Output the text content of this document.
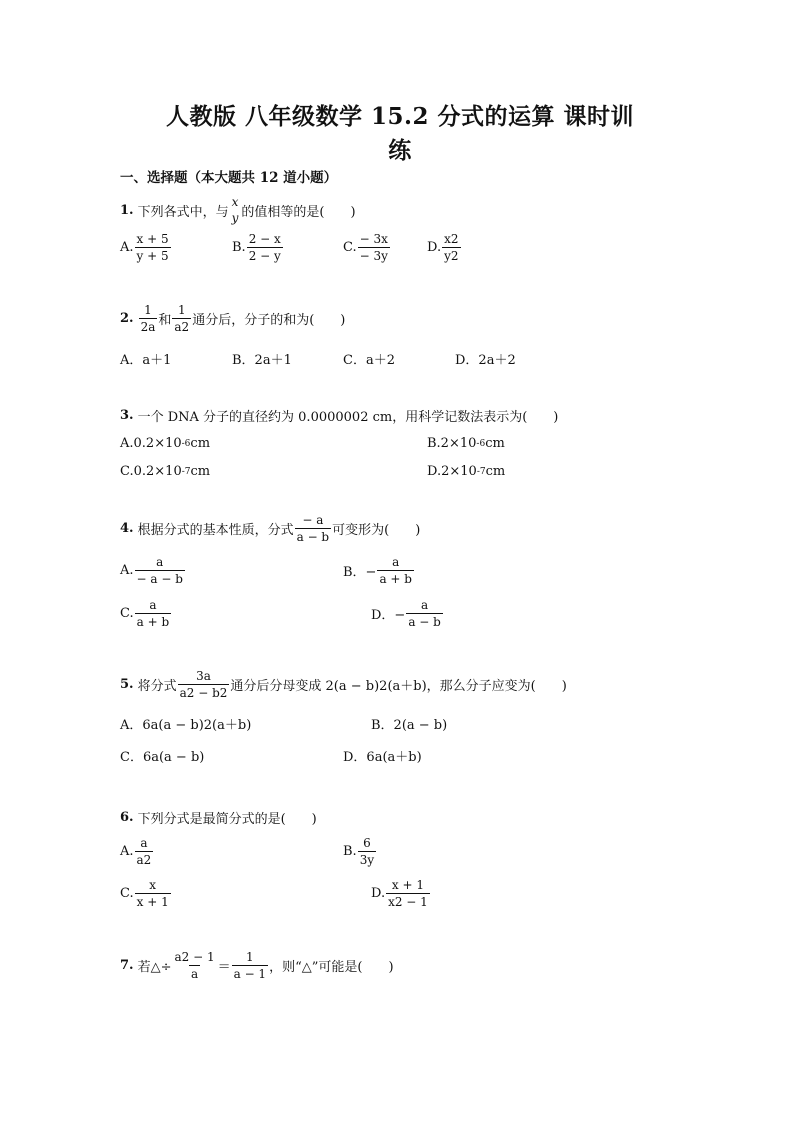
人教版 八年级数学 15.2 分式的运算 课时训
练
一、选择题（本大题共 12 道小题）
1. 下列各式中，与
x
y 的值相等的是(　　)
A. $\frac{x + 5}{y + 5}$	B. $\frac{2 - x}{2 - y}$	C. $\frac{- 3x}{- 3y}$	D. $\frac{x2}{y2}$
2. $\frac{1}{2a}$ 和 $\frac{1}{a2}$ 通分后，分子的和为(　　)
A．a＋1	B．2a＋1	C．a＋2	D．2a＋2
3. 一个 DNA 分子的直径约为 0.0000002 cm，用科学记数法表示为(　　)
A.0.2×10 -6 cm	B.2×10 -6 cm
C.0.2×10 -7 cm	D.2×10 -7 cm
4. 根据分式的基本性质，分式 $\frac{- a}{a - b}$ 可变形为(　　)
A. $\frac{a}{- a - b}$	B．− $\frac{a}{a + b}$
C. $\frac{a}{a + b}$	D．− $\frac{a}{a - b}$
5. 将分式 $\frac{3a}{a2 - b2}$ 通分后分母变成 2(a − b)2(a＋b)，那么分子应变为(　　)
A．6a(a − b)2(a＋b)	B．2(a − b)
C．6a(a − b)	D．6a(a＋b)
6. 下列分式是最简分式的是(　　)
A. $\frac{a}{a2}$	B. $\frac{6}{3y}$
C. $\frac{x}{x + 1}$	D. $\frac{x + 1}{x2 - 1}$
7. 若△÷ $\frac{a2 - 1}{a} = \frac{1}{a - 1}$ ，则“△”可能是(　　)
